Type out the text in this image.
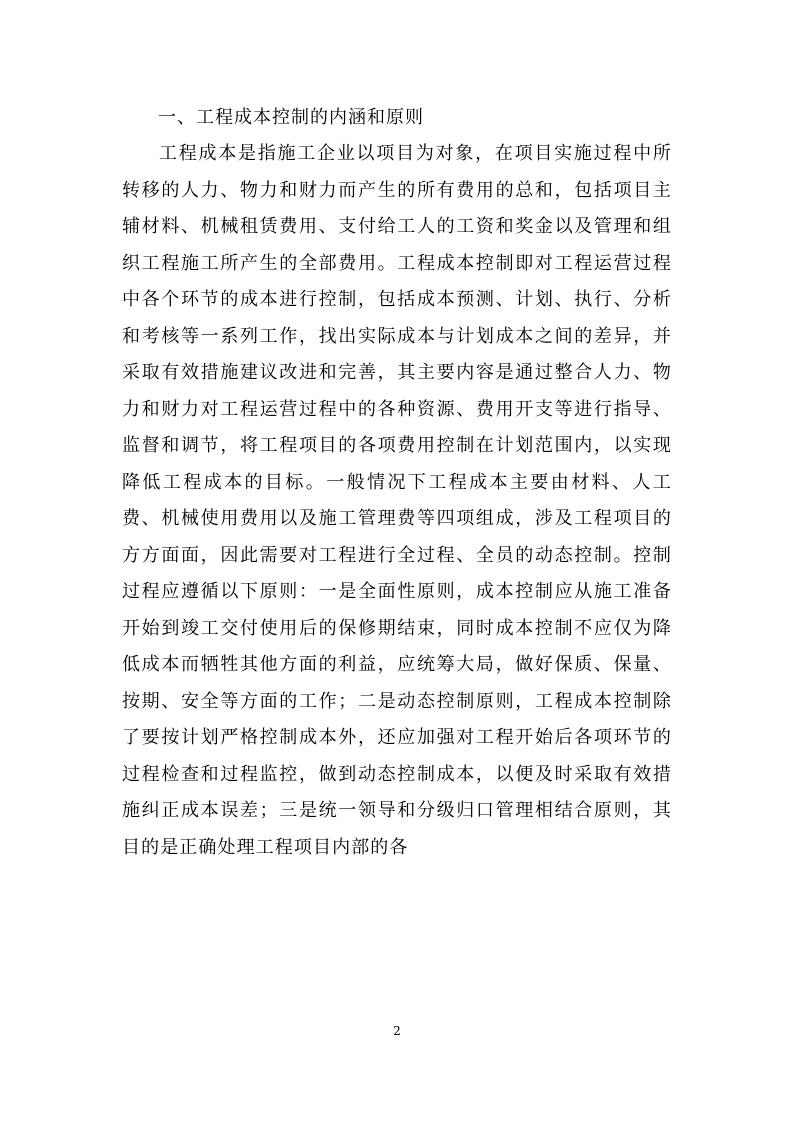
一、工程成本控制的内涵和原则

工程成本是指施工企业以项目为对象，在项目实施过程中所转移的人力、物力和财力而产生的所有费用的总和，包括项目主辅材料、机械租赁费用、支付给工人的工资和奖金以及管理和组织工程施工所产生的全部费用。工程成本控制即对工程运营过程中各个环节的成本进行控制，包括成本预测、计划、执行、分析和考核等一系列工作，找出实际成本与计划成本之间的差异，并采取有效措施建议改进和完善，其主要内容是通过整合人力、物力和财力对工程运营过程中的各种资源、费用开支等进行指导、监督和调节，将工程项目的各项费用控制在计划范围内，以实现降低工程成本的目标。一般情况下工程成本主要由材料、人工费、机械使用费用以及施工管理费等四项组成，涉及工程项目的方方面面，因此需要对工程进行全过程、全员的动态控制。控制过程应遵循以下原则：一是全面性原则，成本控制应从施工准备开始到竣工交付使用后的保修期结束，同时成本控制不应仅为降低成本而牺牲其他方面的利益，应统筹大局，做好保质、保量、按期、安全等方面的工作；二是动态控制原则，工程成本控制除了要按计划严格控制成本外，还应加强对工程开始后各项环节的过程检查和过程监控，做到动态控制成本，以便及时采取有效措施纠正成本误差；三是统一领导和分级归口管理相结合原则，其目的是正确处理工程项目内部的各

2
